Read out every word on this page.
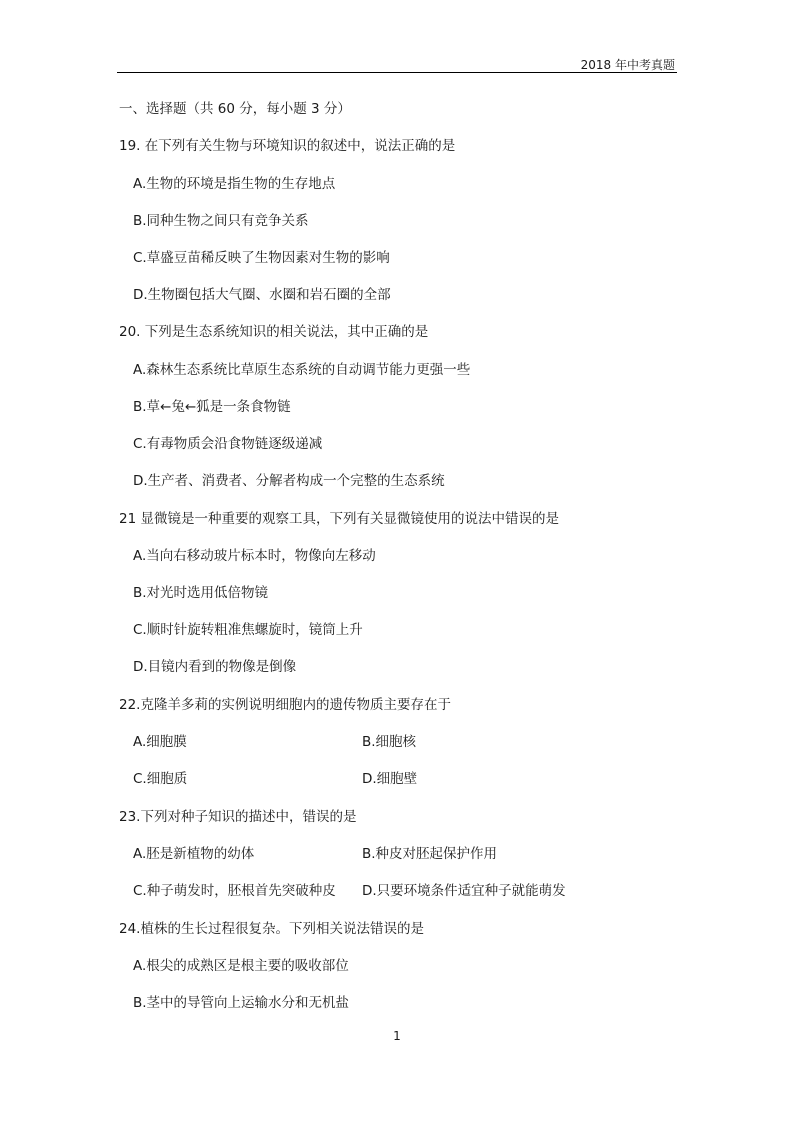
2018 年中考真题
一、选择题（共 60 分，每小题 3 分）
19. 在下列有关生物与环境知识的叙述中，说法正确的是
A.生物的环境是指生物的生存地点
B.同种生物之间只有竞争关系
C.草盛豆苗稀反映了生物因素对生物的影响
D.生物圈包括大气圈、水圈和岩石圈的全部
20. 下列是生态系统知识的相关说法，其中正确的是
A.森林生态系统比草原生态系统的自动调节能力更强一些
B.草←兔←狐是一条食物链
C.有毒物质会沿食物链逐级递减
D.生产者、消费者、分解者构成一个完整的生态系统
21 显微镜是一种重要的观察工具，下列有关显微镜使用的说法中错误的是
A.当向右移动玻片标本时，物像向左移动
B.对光时选用低倍物镜
C.顺时针旋转粗准焦螺旋时，镜筒上升
D.目镜内看到的物像是倒像
22.克隆羊多莉的实例说明细胞内的遗传物质主要存在于
A.细胞膜	B.细胞核
C.细胞质	D.细胞壁
23.下列对种子知识的描述中，错误的是
A.胚是新植物的幼体	B.种皮对胚起保护作用
C.种子萌发时，胚根首先突破种皮 D.只要环境条件适宜种子就能萌发
24.植株的生长过程很复杂。下列相关说法错误的是
A.根尖的成熟区是根主要的吸收部位
B.茎中的导管向上运输水分和无机盐
1
